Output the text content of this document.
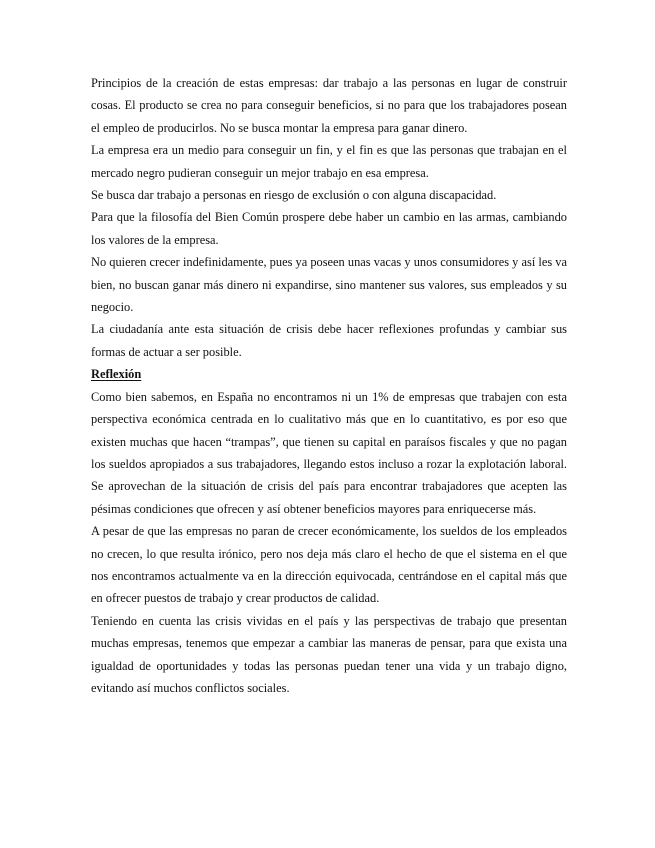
Principios de la creación de estas empresas: dar trabajo a las personas en lugar de construir cosas. El producto se crea no para conseguir beneficios, si no para que los trabajadores posean el empleo de producirlos. No se busca montar la empresa para ganar dinero.

La empresa era un medio para conseguir un fin, y el fin es que las personas que trabajan en el mercado negro pudieran conseguir un mejor trabajo en esa empresa.

Se busca dar trabajo a personas en riesgo de exclusión o con alguna discapacidad.

Para que la filosofía del Bien Común prospere debe haber un cambio en las armas, cambiando los valores de la empresa.

No quieren crecer indefinidamente, pues ya poseen unas vacas y unos consumidores y así les va bien, no buscan ganar más dinero ni expandirse, sino mantener sus valores, sus empleados y su negocio.

La ciudadanía ante esta situación de crisis debe hacer reflexiones profundas y cambiar sus formas de actuar a ser posible.

Reflexión

Como bien sabemos, en España no encontramos ni un 1% de empresas que trabajen con esta perspectiva económica centrada en lo cualitativo más que en lo cuantitativo, es por eso que existen muchas que hacen “trampas”, que tienen su capital en paraísos fiscales y que no pagan los sueldos apropiados a sus trabajadores, llegando estos incluso a rozar la explotación laboral. Se aprovechan de la situación de crisis del país para encontrar trabajadores que acepten las pésimas condiciones que ofrecen y así obtener beneficios mayores para enriquecerse más.

A pesar de que las empresas no paran de crecer económicamente, los sueldos de los empleados no crecen, lo que resulta irónico, pero nos deja más claro el hecho de que el sistema en el que nos encontramos actualmente va en la dirección equivocada, centrándose en el capital más que en ofrecer puestos de trabajo y crear productos de calidad.

Teniendo en cuenta las crisis vividas en el país y las perspectivas de trabajo que presentan muchas empresas, tenemos que empezar a cambiar las maneras de pensar, para que exista una igualdad de oportunidades y todas las personas puedan tener una vida y un trabajo digno, evitando así muchos conflictos sociales.
